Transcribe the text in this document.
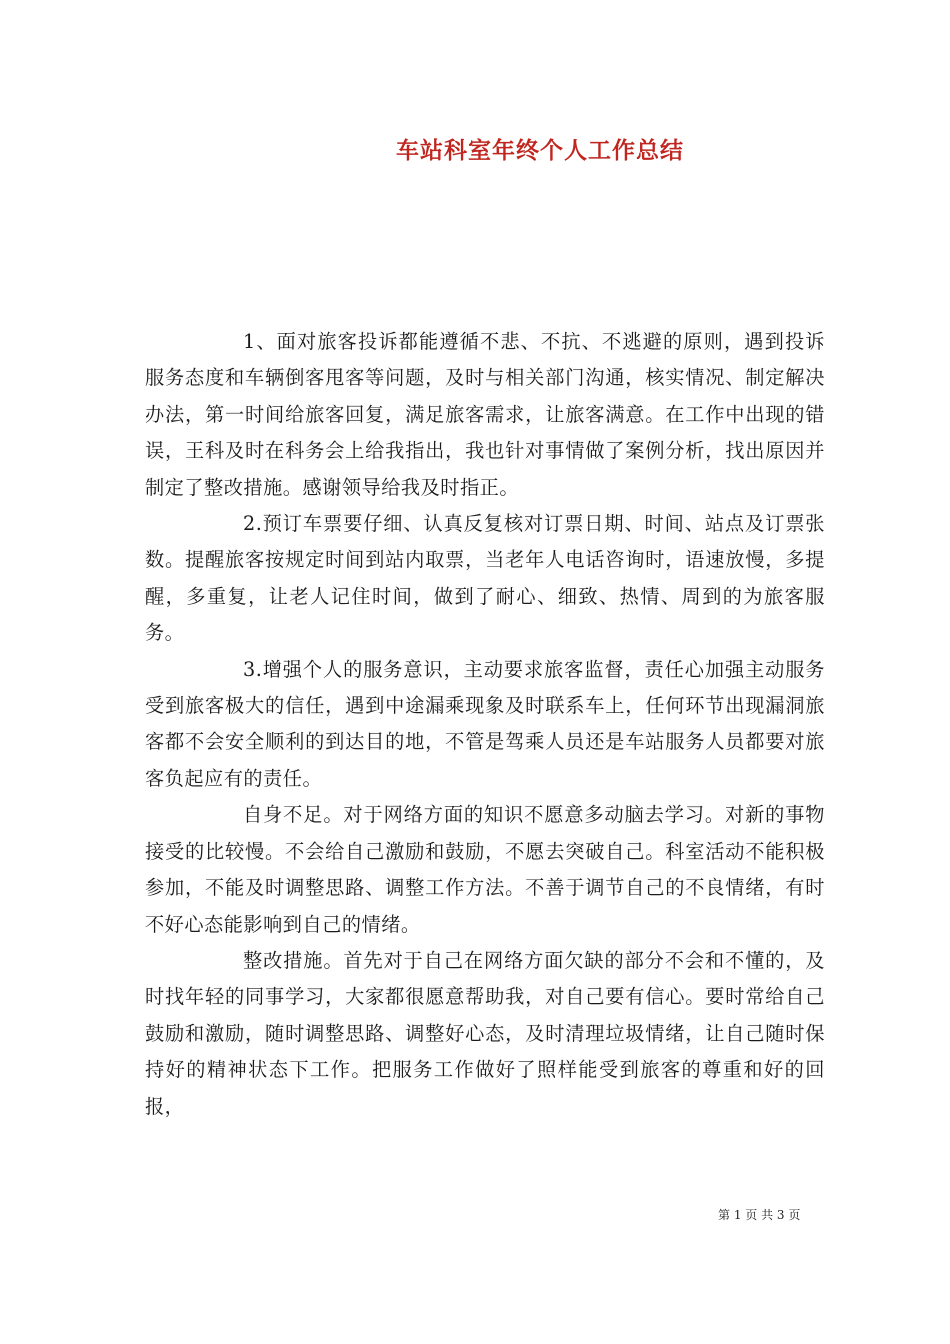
车站科室年终个人工作总结

1、面对旅客投诉都能遵循不悲、不抗、不逃避的原则，遇到投诉服务态度和车辆倒客甩客等问题，及时与相关部门沟通，核实情况、制定解决办法，第一时间给旅客回复，满足旅客需求，让旅客满意。在工作中出现的错误，王科及时在科务会上给我指出，我也针对事情做了案例分析，找出原因并制定了整改措施。感谢领导给我及时指正。

2.预订车票要仔细、认真反复核对订票日期、时间、站点及订票张数。提醒旅客按规定时间到站内取票，当老年人电话咨询时，语速放慢，多提醒，多重复，让老人记住时间，做到了耐心、细致、热情、周到的为旅客服务。

3.增强个人的服务意识，主动要求旅客监督，责任心加强主动服务受到旅客极大的信任，遇到中途漏乘现象及时联系车上，任何环节出现漏洞旅客都不会安全顺利的到达目的地，不管是驾乘人员还是车站服务人员都要对旅客负起应有的责任。

自身不足。对于网络方面的知识不愿意多动脑去学习。对新的事物接受的比较慢。不会给自己激励和鼓励，不愿去突破自己。科室活动不能积极参加，不能及时调整思路、调整工作方法。不善于调节自己的不良情绪，有时不好心态能影响到自己的情绪。

整改措施。首先对于自己在网络方面欠缺的部分不会和不懂的，及时找年轻的同事学习，大家都很愿意帮助我，对自己要有信心。要时常给自己鼓励和激励，随时调整思路、调整好心态，及时清理垃圾情绪，让自己随时保持好的精神状态下工作。把服务工作做好了照样能受到旅客的尊重和好的回报，

第 1 页 共 3 页
